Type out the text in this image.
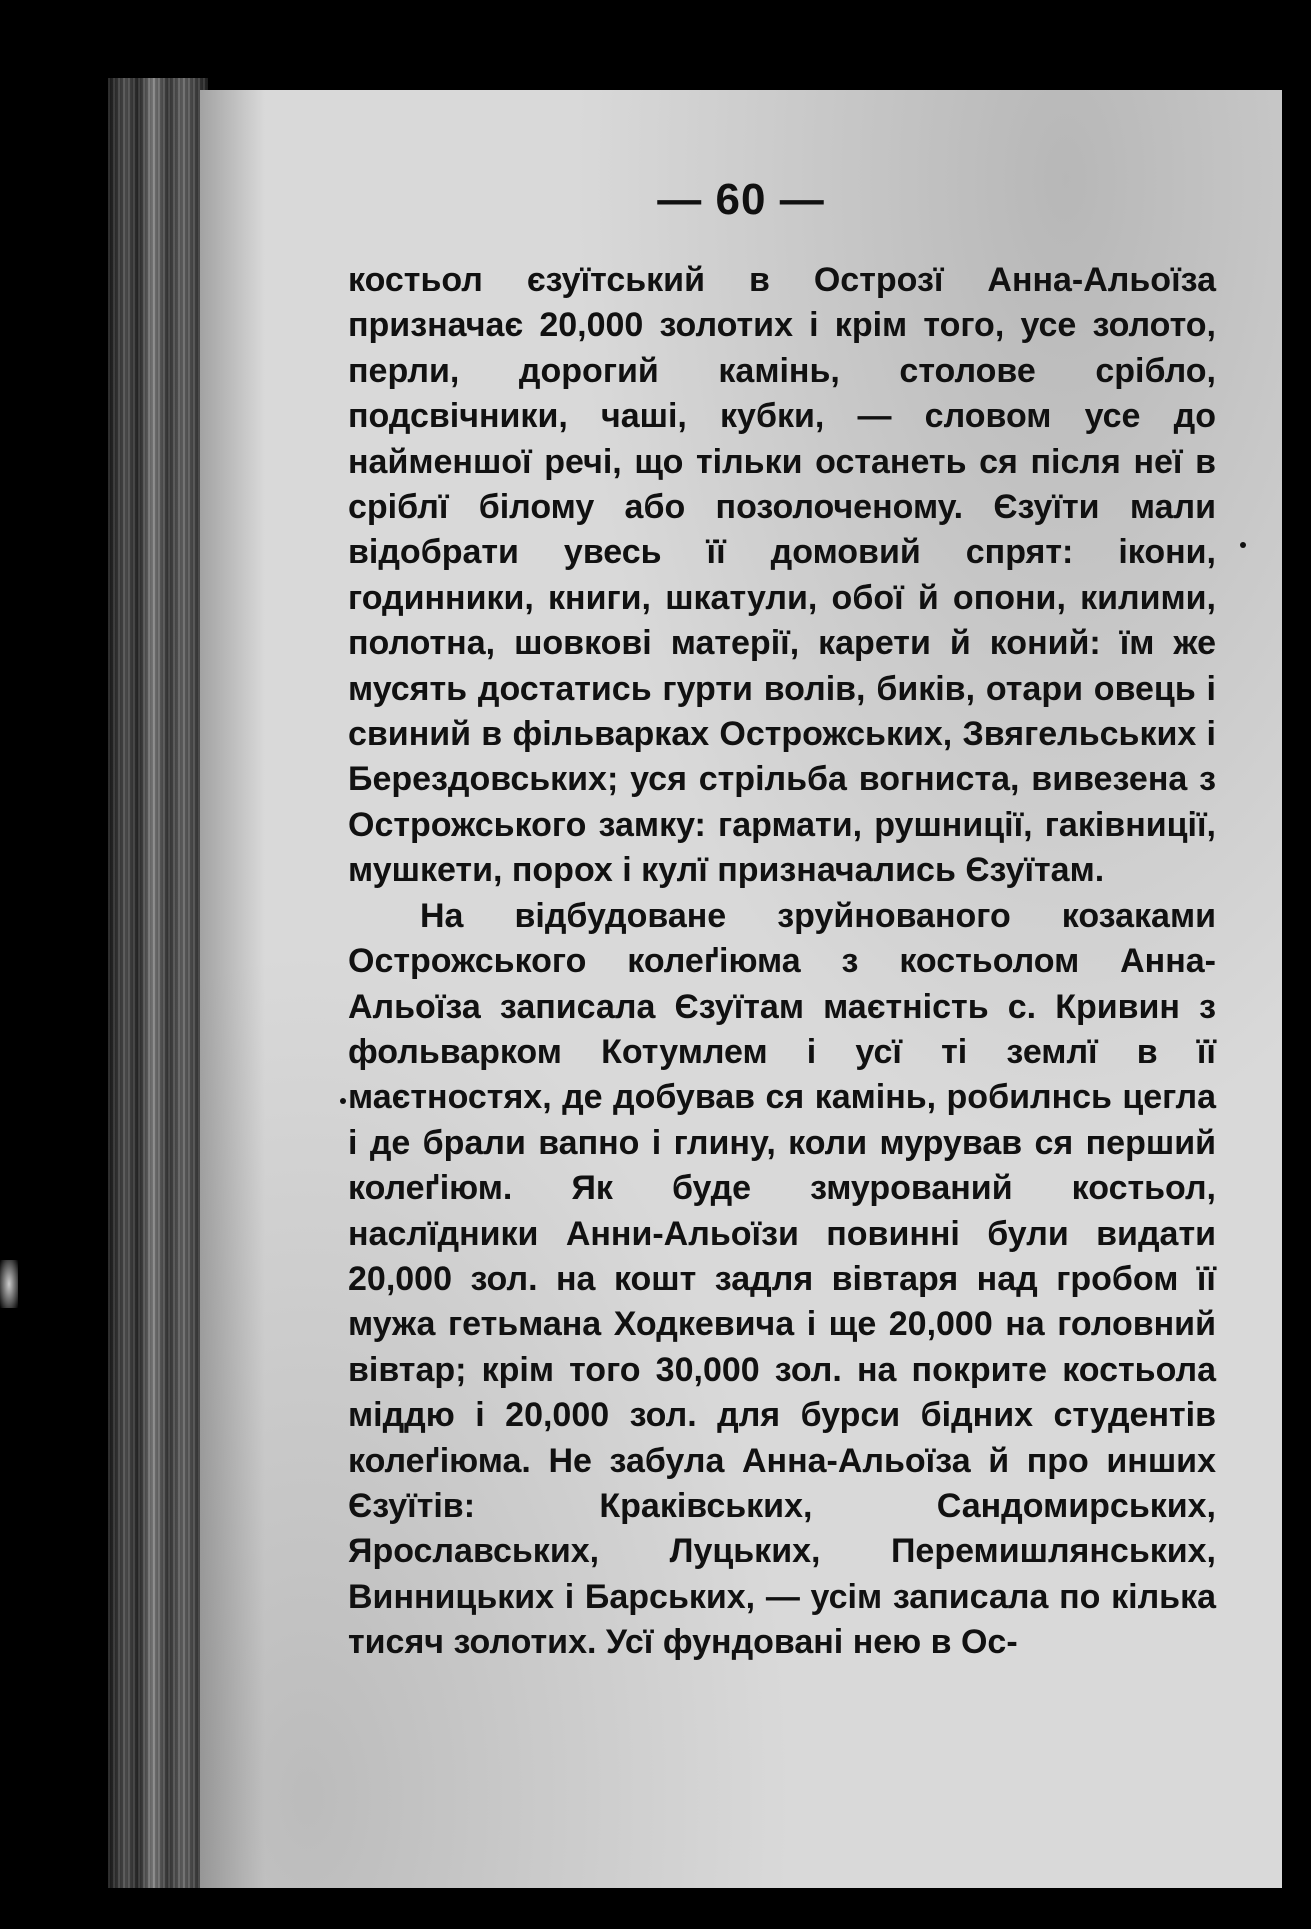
— 60 —

костьол єзуїтський в Острозї Анна-Альоїза призначає 20,000 золотих і крім того, усе золото, перли, дорогий камінь, столове срібло, подсвічники, чаші, кубки, — словом усе до найменшої речі, що тільки останеть ся після неї в сріблї білому або позолоченому. Єзуїти мали відобрати увесь її домовий спрят: ікони, годинники, книги, шкатули, обої й опони, килими, полотна, шовкові матерії, карети й коний: їм же мусять достатись гурти волів, биків, отари овець і свиний в фільварках Острожських, Звягельських і Берездовських; уся стрільба вогниста, вивезена з Острожського замку: гармати, рушниції, гаківниції, мушкети, порох і кулї призначались Єзуїтам.

На відбудоване зруйнованого козаками Острожського колеґіюма з костьолом Анна-Альоїза записала Єзуїтам маєтність с. Кривин з фольварком Котумлем і усї ті землї в її маєтностях, де добував ся камінь, робилнсь цегла і де брали вапно і глину, коли мурував ся перший колеґіюм. Як буде змурований костьол, наслїдники Анни-Альоїзи повинні були видати 20,000 зол. на кошт задля вівтаря над гробом її мужа гетьмана Ходкевича і ще 20,000 на головний вівтар; крім того 30,000 зол. на покрите костьола міддю і 20,000 зол. для бурси бідних студентів колеґіюма. Не забула Анна-Альоїза й про инших Єзуїтів: Краківських, Сандомирських, Ярославських, Луцьких, Перемишлянських, Винницьких і Барських, — усім записала по кілька тисяч золотих. Усї фундовані нею в Ос-
